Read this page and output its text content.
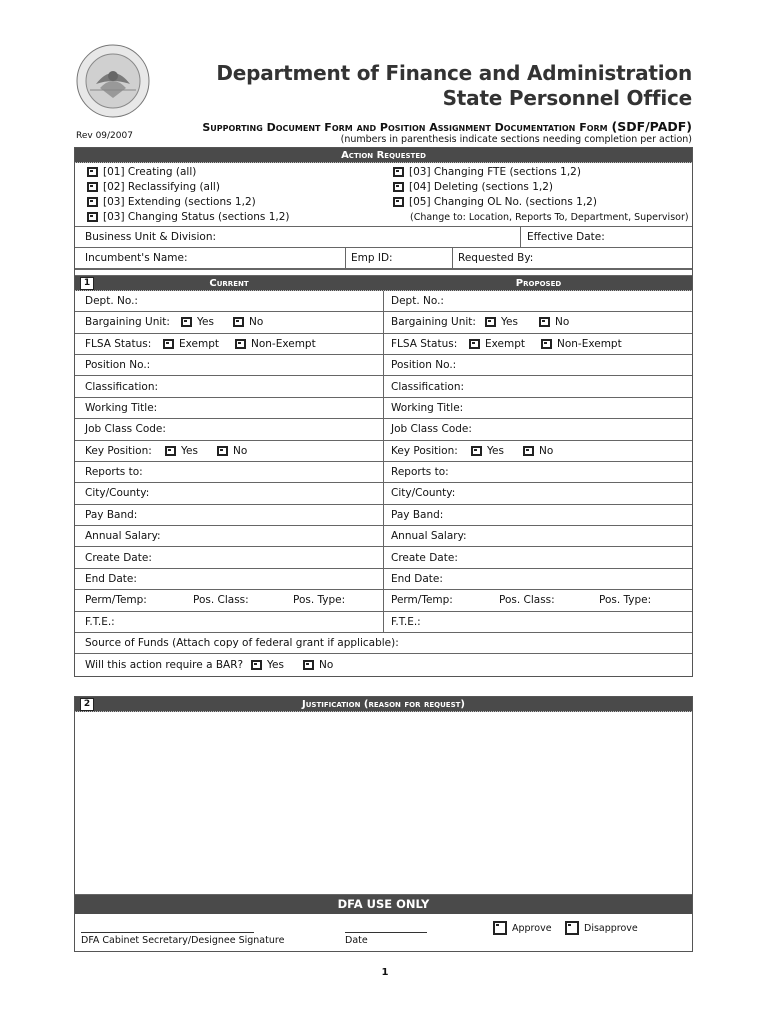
Department of Finance and Administration
State Personnel Office
Supporting Document Form and Position Assignment Documentation Form (SDF/PADF)
Rev 09/2007	(numbers in parenthesis indicate sections needing completion per action)
Action Requested
[01] Creating (all)
[02] Reclassifying (all)
[03] Extending (sections 1,2)
[03] Changing Status (sections 1,2)
[03] Changing FTE (sections 1,2)
[04] Deleting (sections 1,2)
[05] Changing OL No. (sections 1,2)
(Change to: Location, Reports To, Department, Supervisor)
Business Unit & Division:	Effective Date:
Incumbent's Name:	Emp ID:	Requested By:
1	Current	Proposed
Dept. No.:	Dept. No.:
Bargaining Unit:	Yes	No	Bargaining Unit:	Yes	No
FLSA Status:	Exempt	Non-Exempt	FLSA Status:	Exempt	Non-Exempt
Position No.:	Position No.:
Classification:	Classification:
Working Title:	Working Title:
Job Class Code:	Job Class Code:
Key Position:	Yes	No	Key Position:	Yes	No
Reports to:	Reports to:
City/County:	City/County:
Pay Band:	Pay Band:
Annual Salary:	Annual Salary:
Create Date:	Create Date:
End Date:	End Date:
Perm/Temp:	Pos. Class:	Pos. Type:	Perm/Temp:	Pos. Class:	Pos. Type:
F.T.E.:	F.T.E.:
Source of Funds (Attach copy of federal grant if applicable):
Will this action require a BAR?	Yes	No
2	Justification (reason for request)
DFA USE ONLY
DFA Cabinet Secretary/Designee Signature	Date
Approve	Disapprove
1
